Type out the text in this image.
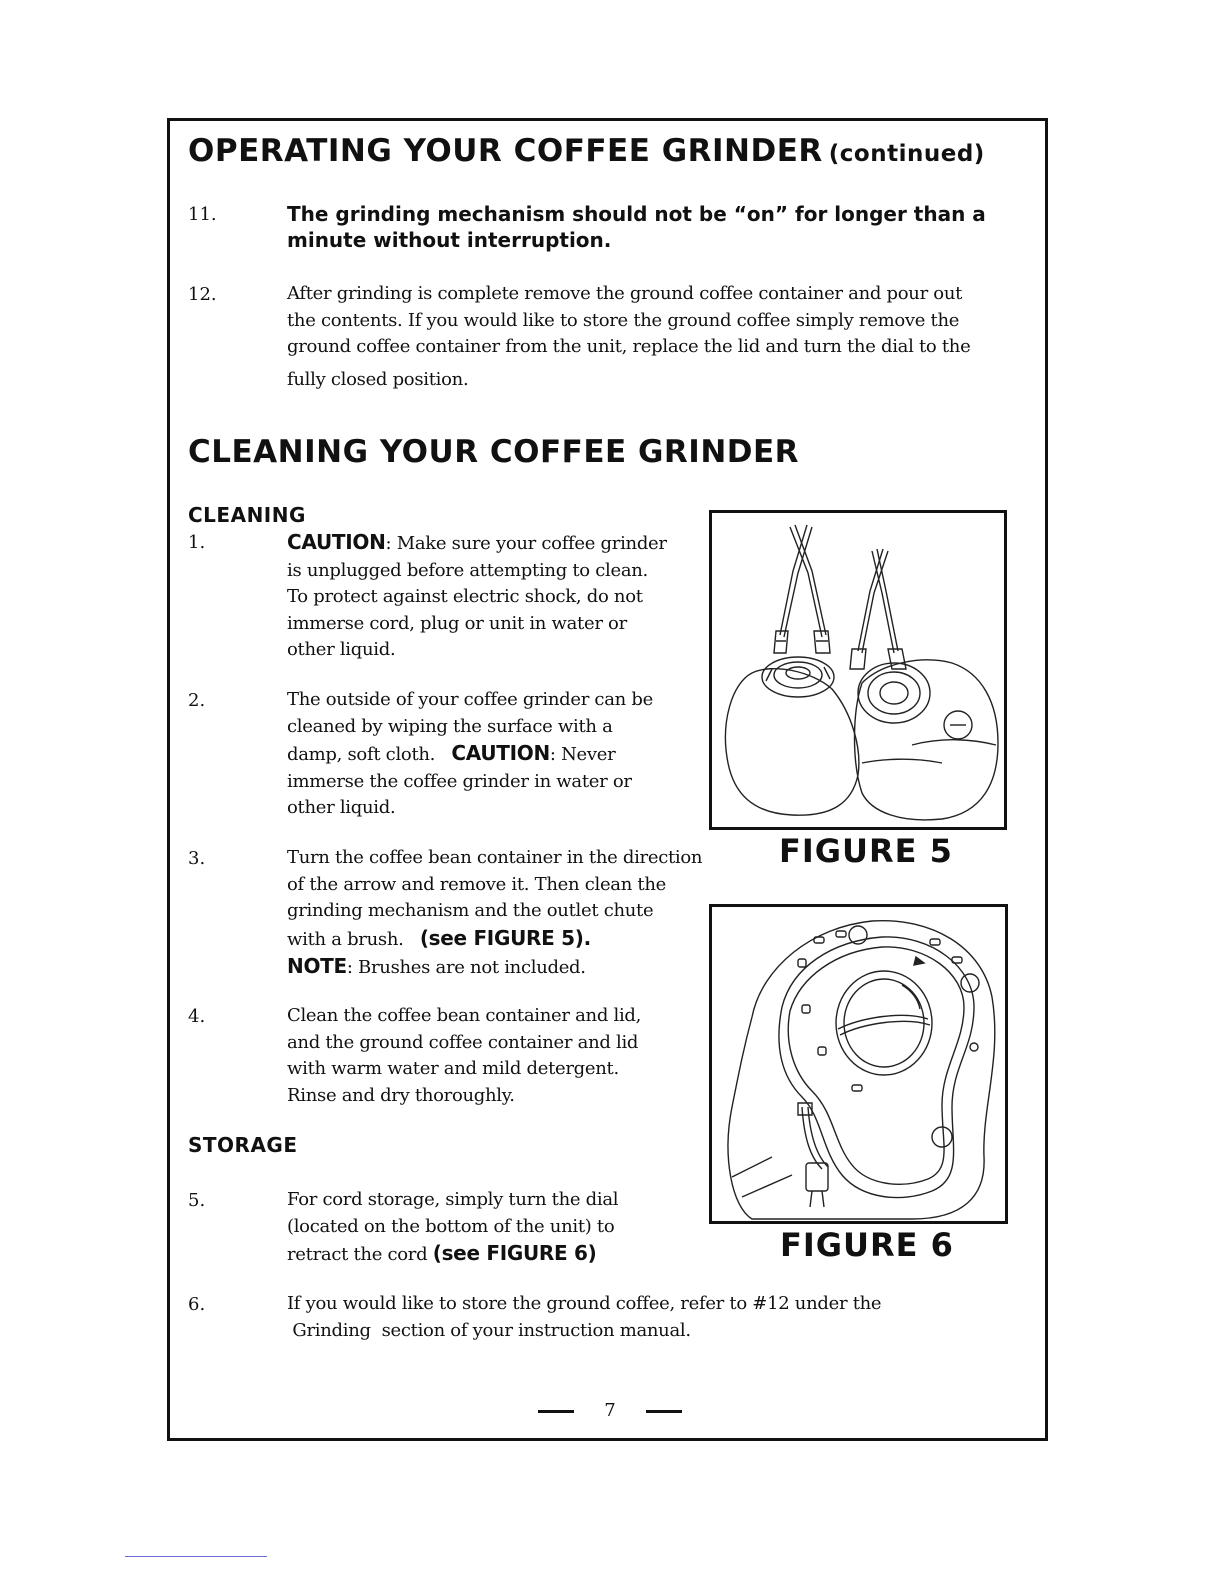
OPERATING YOUR COFFEE GRINDER (continued)
11.	The grinding mechanism should not be “on” for longer than a minute without interruption.
12.	After grinding is complete remove the ground coffee container and pour out
the contents. If you would like to store the ground coffee simply remove the
ground coffee container from the unit, replace the lid and turn the dial to the
fully closed position.
CLEANING YOUR COFFEE GRINDER
CLEANING
1.	CAUTION: Make sure your coffee grinder
is unplugged before attempting to clean.
To protect against electric shock, do not
immerse cord, plug or unit in water or
other liquid.
2.	The outside of your coffee grinder can be
cleaned by wiping the surface with a
damp, soft cloth. CAUTION: Never
immerse the coffee grinder in water or
other liquid.
3.	Turn the coffee bean container in the direction
of the arrow and remove it. Then clean the
grinding mechanism and the outlet chute
with a brush. (see FIGURE 5).
NOTE: Brushes are not included.
4.	Clean the coffee bean container and lid,
and the ground coffee container and lid
with warm water and mild detergent.
Rinse and dry thoroughly.
STORAGE
5.	For cord storage, simply turn the dial
(located on the bottom of the unit) to
retract the cord (see FIGURE 6)
6.	If you would like to store the ground coffee, refer to #12 under the
Grinding  section of your instruction manual.
FIGURE 5
FIGURE 6
7
